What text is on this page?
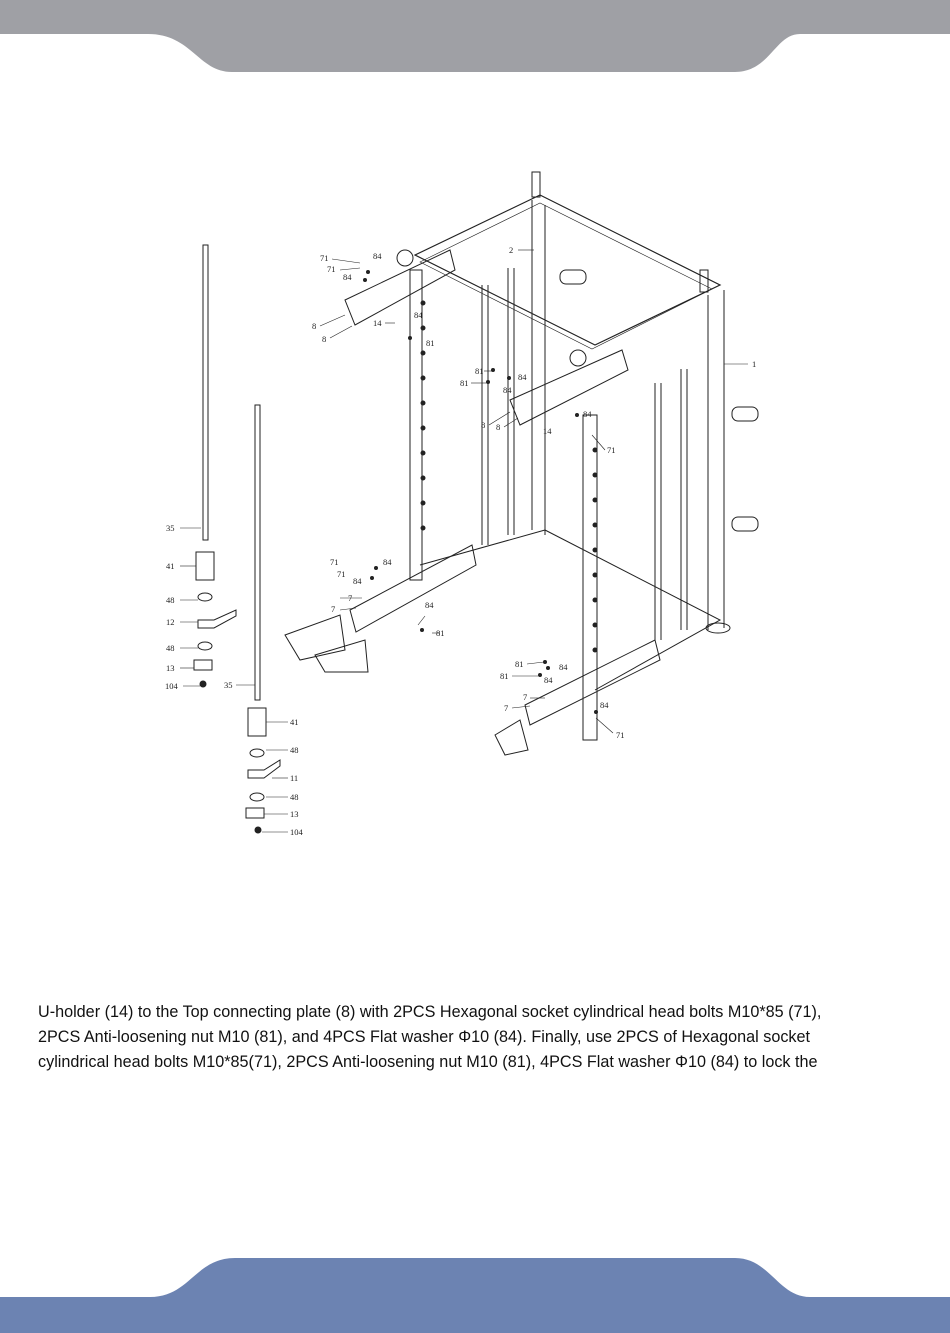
71
71
84
84
8
8
14
84
81
2
1
81
81
84
84
8 8	14
84
71
35
41
48
12
48
13
104
71
71
84
84
7
7	84
81
35
41
48
11
48
13
104
81	84
81	84
7
7	84
71

U-holder (14) to the Top connecting plate (8) with 2PCS Hexagonal socket cylindrical head bolts M10*85 (71),

2PCS Anti-loosening nut M10 (81), and 4PCS Flat washer Φ10 (84). Finally, use 2PCS of Hexagonal socket

cylindrical head bolts M10*85(71), 2PCS Anti-loosening nut M10 (81), 4PCS Flat washer Φ10 (84) to lock the
